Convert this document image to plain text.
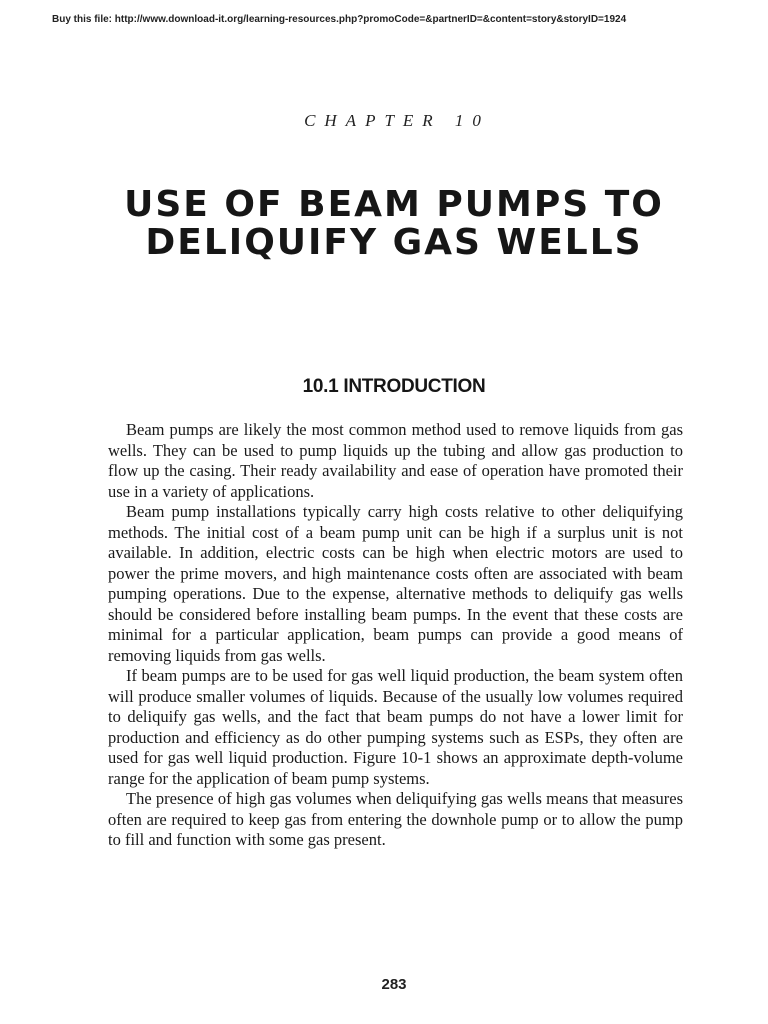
Buy this file: http://www.download-it.org/learning-resources.php?promoCode=&partnerID=&content=story&storyID=1924
CHAPTER 10
USE OF BEAM PUMPS TO
DELIQUIFY GAS WELLS
10.1 INTRODUCTION

Beam pumps are likely the most common method used to remove liquids from gas wells. They can be used to pump liquids up the tubing and allow gas production to flow up the casing. Their ready availability and ease of operation have promoted their use in a variety of applications.

Beam pump installations typically carry high costs relative to other deliquifying methods. The initial cost of a beam pump unit can be high if a surplus unit is not available. In addition, electric costs can be high when electric motors are used to power the prime movers, and high maintenance costs often are associated with beam pumping operations. Due to the expense, alternative methods to deliquify gas wells should be considered before installing beam pumps. In the event that these costs are minimal for a particular application, beam pumps can provide a good means of removing liquids from gas wells.

If beam pumps are to be used for gas well liquid production, the beam system often will produce smaller volumes of liquids. Because of the usually low volumes required to deliquify gas wells, and the fact that beam pumps do not have a lower limit for production and efficiency as do other pumping systems such as ESPs, they often are used for gas well liquid production. Figure 10-1 shows an approximate depth-volume range for the application of beam pump systems.

The presence of high gas volumes when deliquifying gas wells means that measures often are required to keep gas from entering the downhole pump or to allow the pump to fill and function with some gas present.

283
